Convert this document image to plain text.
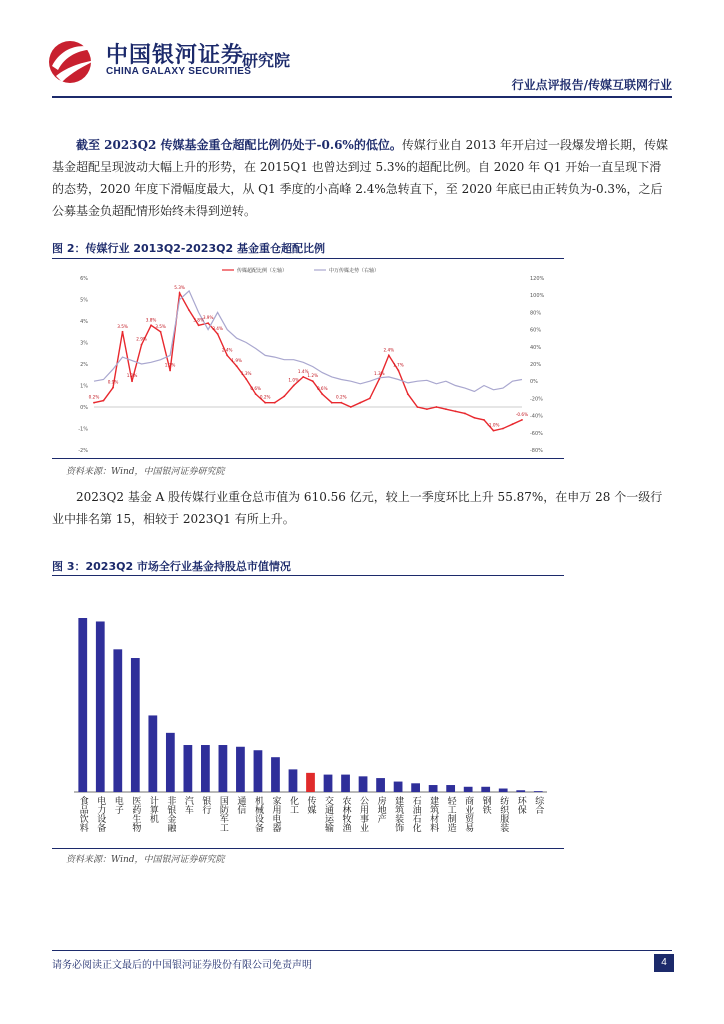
中国银河证券
CHINA GALAXY SECURITIES
研究院
行业点评报告/传媒互联网行业
截至 2023Q2 传媒基金重仓超配比例仍处于-0.6%的低位。传媒行业自 2013 年开启过一段爆发增长期，传媒基金超配呈现波动大幅上升的形势，在 2015Q1 也曾达到过 5.3%的超配比例。自 2020 年 Q1 开始一直呈现下滑的态势，2020 年度下滑幅度最大，从 Q1 季度的小高峰 2.4%急转直下，至 2020 年底已由正转负为-0.3%，之后公募基金负超配情形始终未得到逆转。
图 2：传媒行业 2013Q2-2023Q2 基金重仓超配比例
6%
5%
4%
3%
2%
1%
0%
-1%
-2%
120%
100%
80%
60%
40%
20%
0%
-20%
-40%
-60%
-80%
传媒超配比例（左轴）	中万传媒走势（右轴）
0.2%
0.9%
3.5%
1.2%
2.9%
3.8%
3.5%
1.7%
5.3%
3.8%
3.9%
3.4%
2.4%
1.9%
1.3%
0.6%
0.2%
1.0%
1.4%
1.2%
0.6%
0.2%
1.3%
2.4%
1.7%
-1.0%
-0.6%
资料来源：Wind，中国银河证券研究院
2023Q2 基金 A 股传媒行业重仓总市值为 610.56 亿元，较上一季度环比上升 55.87%，在申万 28 个一级行业中排名第 15，相较于 2023Q1 有所上升。
图 3：2023Q2 市场全行业基金持股总市值情况
食品饮料 电力设备 电子 医药生物 计算机 非银金融 汽车 银行 国防军工 通信 机械设备 家用电器 化工 传媒 交通运输 农林牧渔 公用事业 房地产 建筑装饰 石油石化 建筑材料 轻工制造 商业贸易 钢铁 纺织服装 环保 综合
资料来源：Wind，中国银河证券研究院
请务必阅读正文最后的中国银河证券股份有限公司免责声明	4
